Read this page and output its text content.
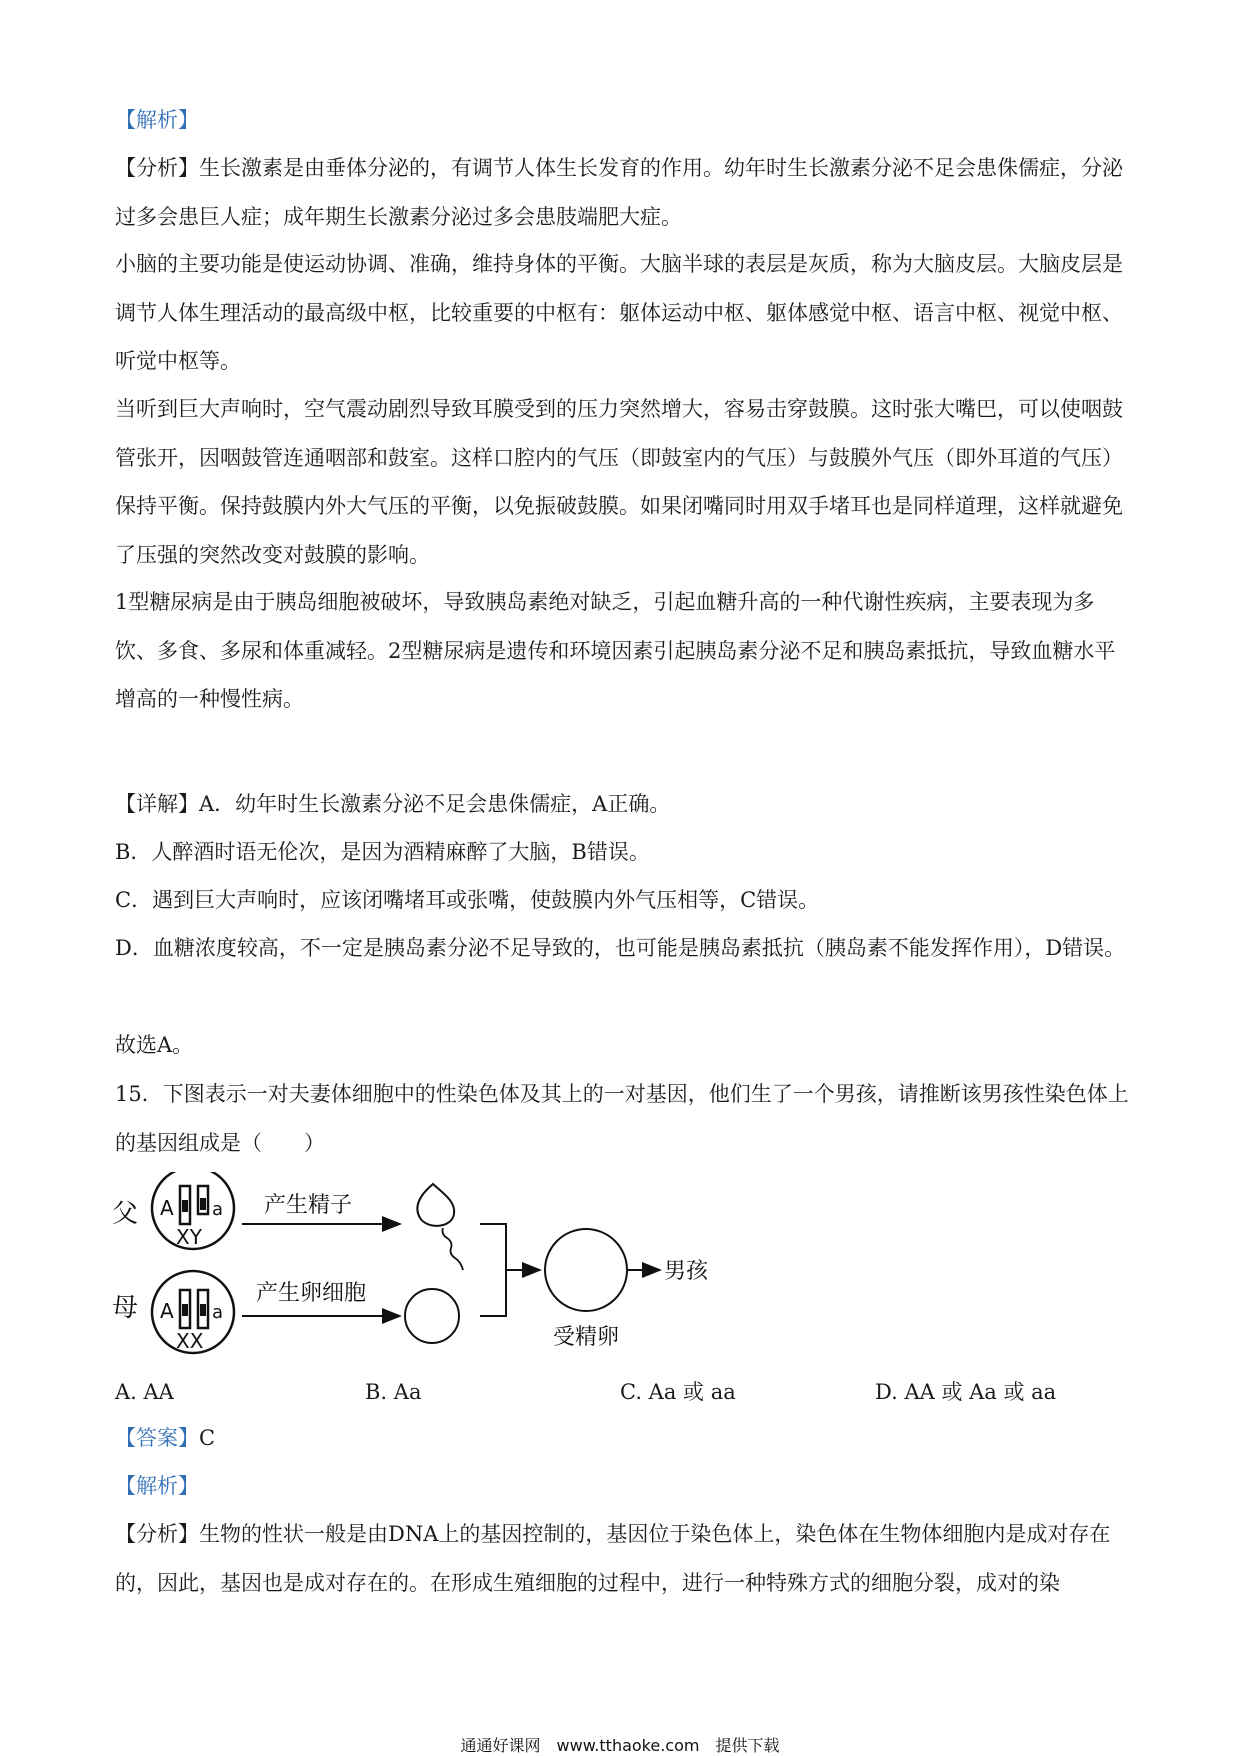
【解析】

【分析】生长激素是由垂体分泌的，有调节人体生长发育的作用。幼年时生长激素分泌不足会患侏儒症，分泌过多会患巨人症；成年期生长激素分泌过多会患肢端肥大症。

小脑的主要功能是使运动协调、准确，维持身体的平衡。大脑半球的表层是灰质，称为大脑皮层。大脑皮层是调节人体生理活动的最高级中枢，比较重要的中枢有：躯体运动中枢、躯体感觉中枢、语言中枢、视觉中枢、听觉中枢等。

当听到巨大声响时，空气震动剧烈导致耳膜受到的压力突然增大，容易击穿鼓膜。这时张大嘴巴，可以使咽鼓管张开，因咽鼓管连通咽部和鼓室。这样口腔内的气压（即鼓室内的气压）与鼓膜外气压（即外耳道的气压）保持平衡。保持鼓膜内外大气压的平衡，以免振破鼓膜。如果闭嘴同时用双手堵耳也是同样道理，这样就避免了压强的突然改变对鼓膜的影响。

1型糖尿病是由于胰岛细胞被破坏，导致胰岛素绝对缺乏，引起血糖升高的一种代谢性疾病，主要表现为多饮、多食、多尿和体重减轻。2型糖尿病是遗传和环境因素引起胰岛素分泌不足和胰岛素抵抗，导致血糖水平增高的一种慢性病。

【详解】A．幼年时生长激素分泌不足会患侏儒症，A正确。

B．人醉酒时语无伦次，是因为酒精麻醉了大脑，B错误。

C．遇到巨大声响时，应该闭嘴堵耳或张嘴，使鼓膜内外气压相等，C错误。

D．血糖浓度较高，不一定是胰岛素分泌不足导致的，也可能是胰岛素抵抗（胰岛素不能发挥作用），D错误。

故选A。

15．下图表示一对夫妻体细胞中的性染色体及其上的一对基因，他们生了一个男孩，请推断该男孩性染色体上的基因组成是（　　）

父
母
A a
XY
A a
XX
产生精子
产生卵细胞
受精卵
男孩
A. AA	B. Aa	C. Aa 或 aa	D. AA 或 Aa 或 aa

【答案】C

【解析】

【分析】生物的性状一般是由DNA上的基因控制的，基因位于染色体上，染色体在生物体细胞内是成对存在的，因此，基因也是成对存在的。在形成生殖细胞的过程中，进行一种特殊方式的细胞分裂，成对的染

通通好课网　www.tthaoke.com　提供下载
